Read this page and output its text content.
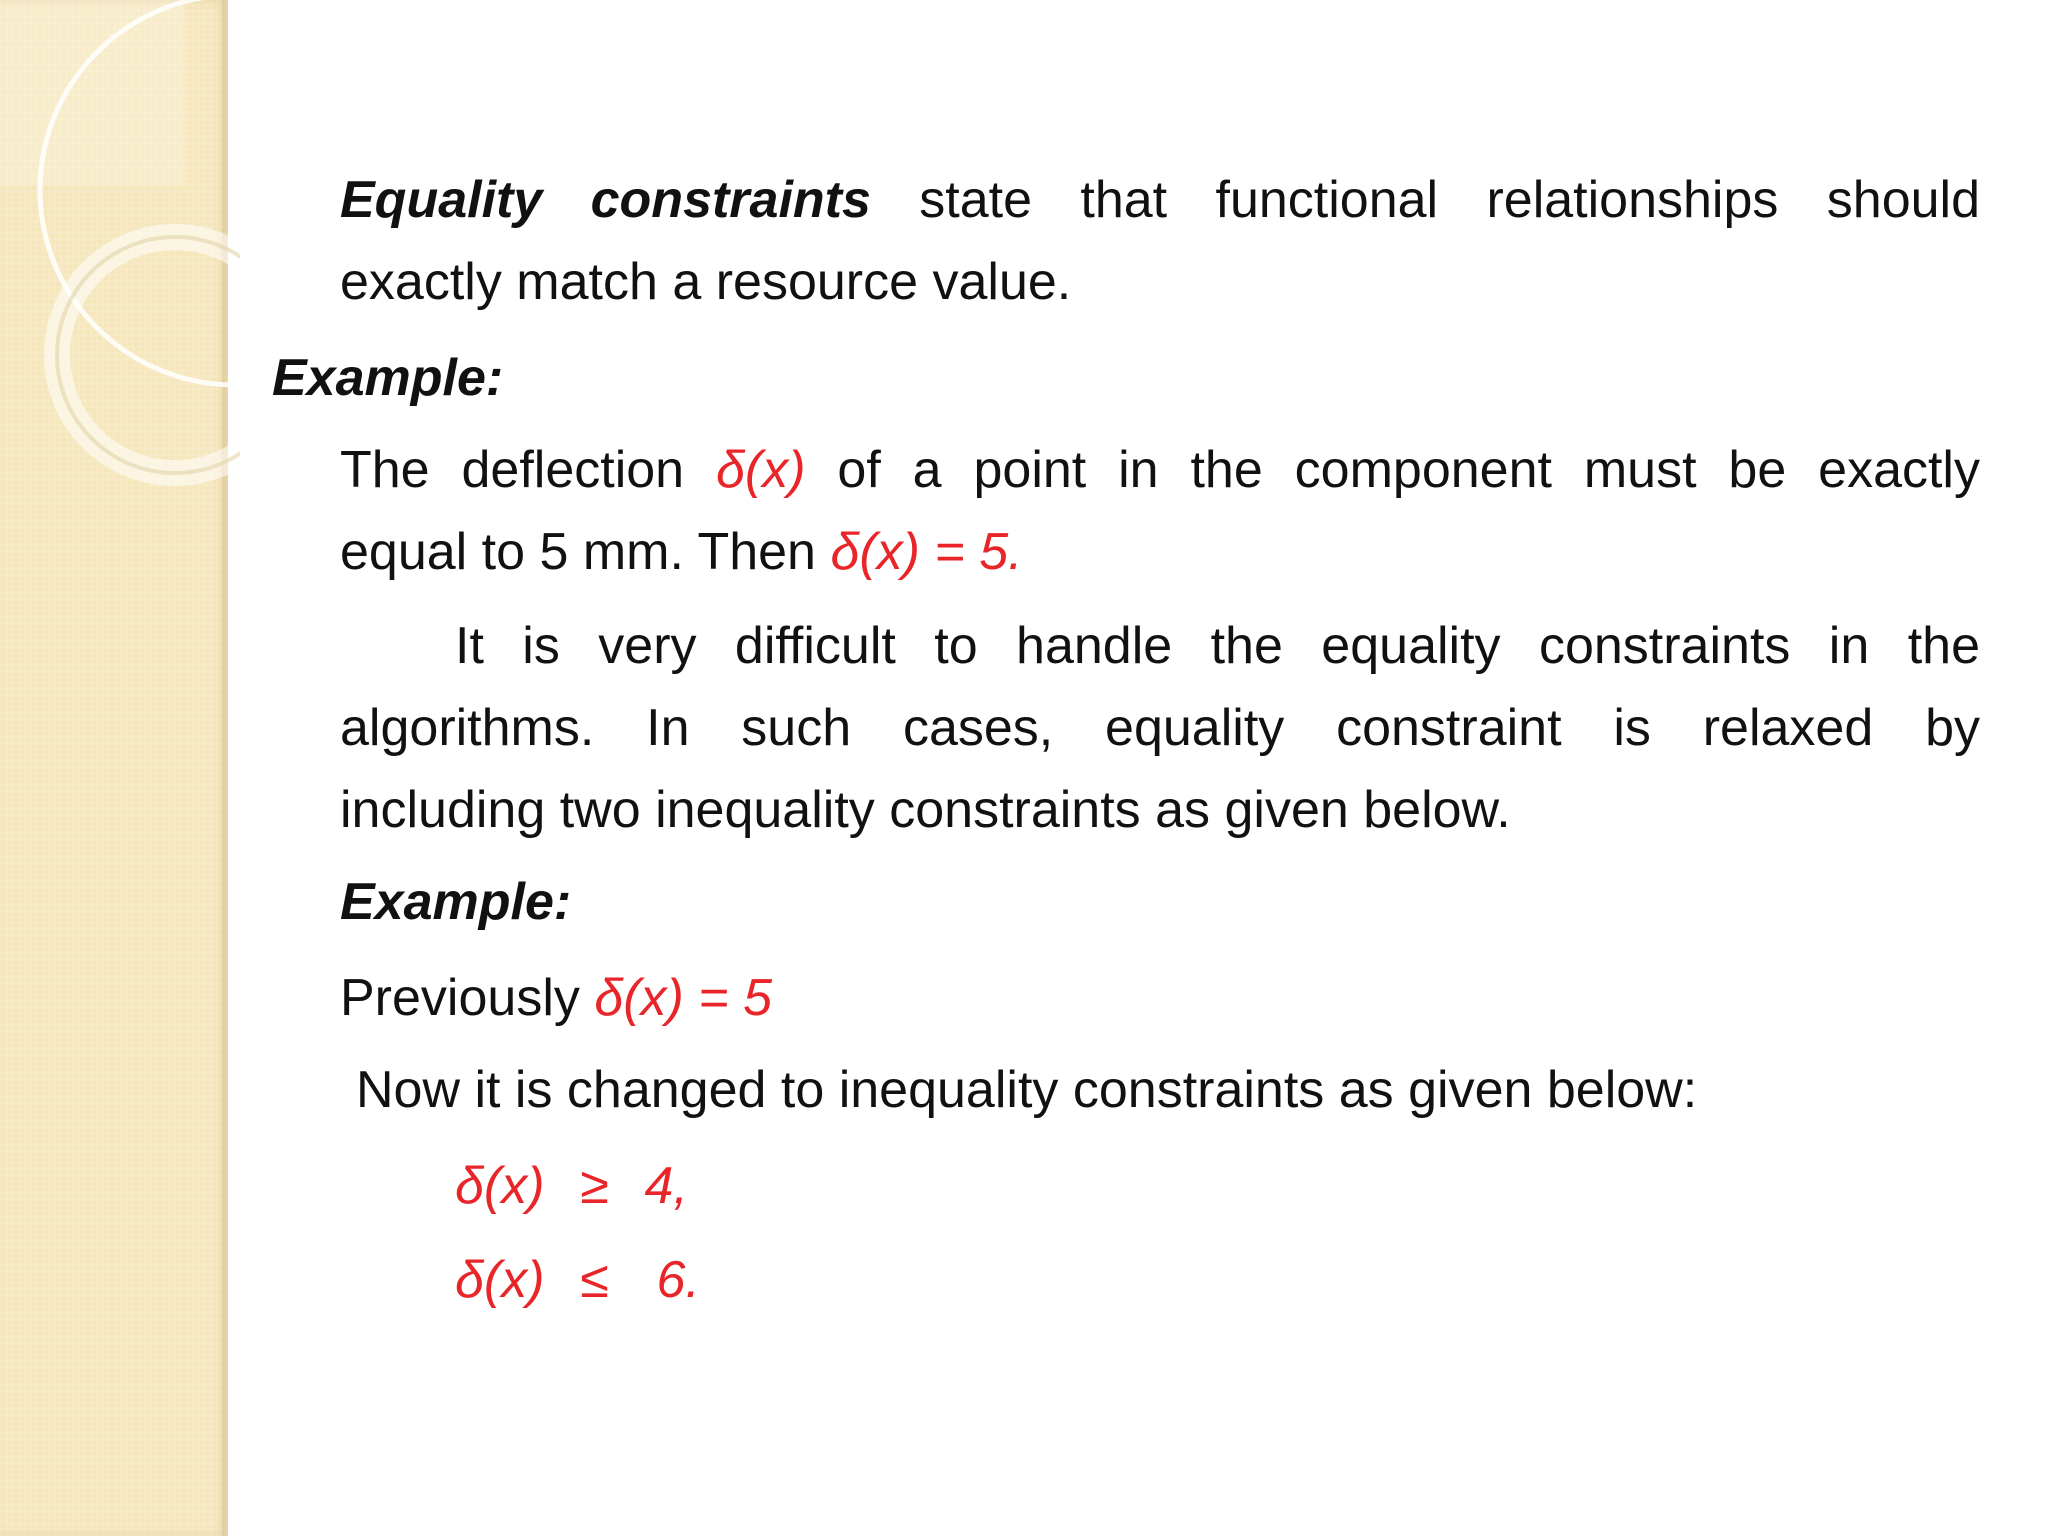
Equality constraints state that functional relationships should
exactly match a resource value.
Example:
The deflection δ(x) of a point in the component must be exactly
equal to 5 mm. Then δ(x) = 5.
It is very difficult to handle the equality constraints in the
algorithms. In such cases, equality constraint is relaxed by
including two inequality constraints as given below.
Example:
Previously δ(x) = 5
Now it is changed to inequality constraints as given below:
δ(x) ≥ 4,
δ(x) ≤ 6.
